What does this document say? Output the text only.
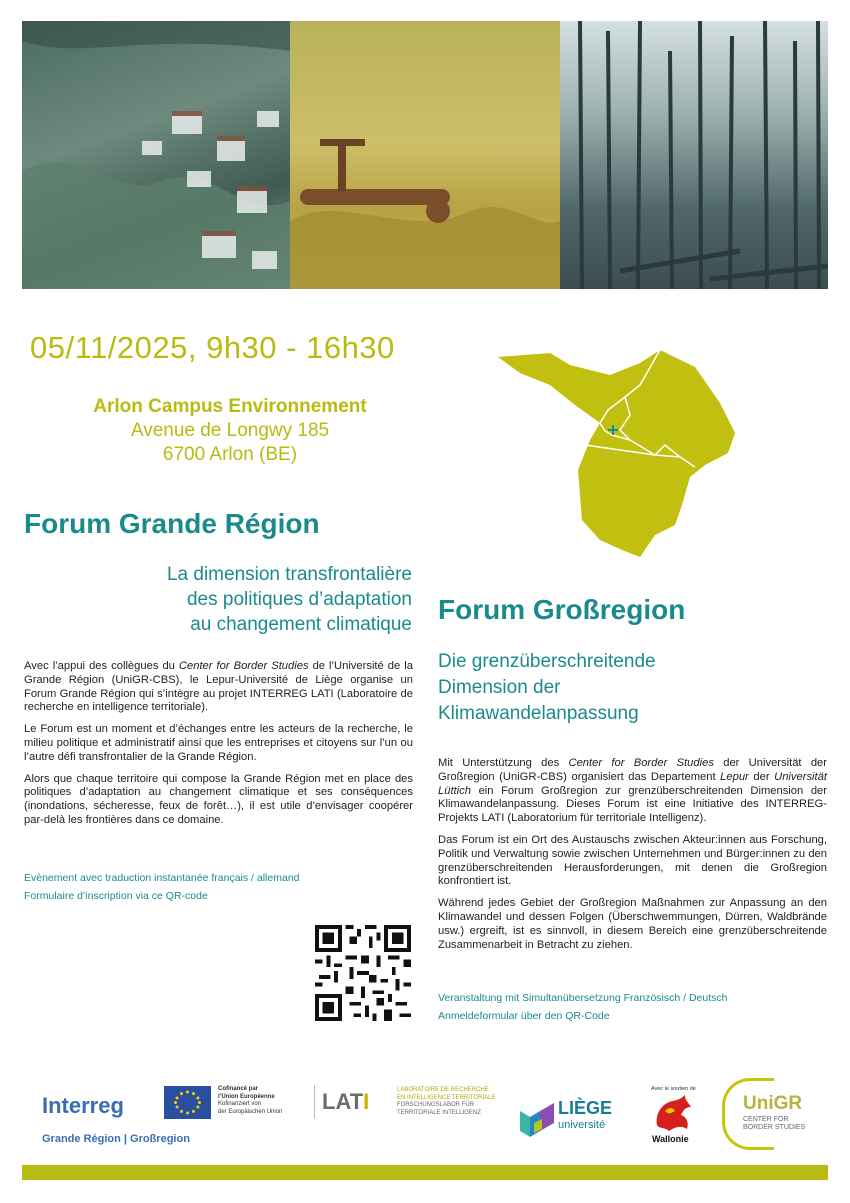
05/11/2025, 9h30 - 16h30
Arlon Campus Environnement
Avenue de Longwy 185
6700 Arlon (BE)
Forum Grande Région
La dimension transfrontalière
des politiques d’adaptation
au changement climatique

Avec l’appui des collègues du Center for Border Studies de l’Université de la Grande Région (UniGR-CBS), le Lepur-Université de Liège organise un Forum Grande Région qui s’intègre au projet INTERREG LATI (Laboratoire de recherche en intelligence territoriale).

Le Forum est un moment et d’échanges entre les acteurs de la recherche, le milieu politique et administratif ainsi que les entreprises et citoyens sur l’un ou l’autre défi transfrontalier de la Grande Région.

Alors que chaque territoire qui compose la Grande Région met en place des politiques d’adaptation au changement climatique et ses conséquences (inondations, sécheresse, feux de forêt…), il est utile d’envisager coopérer par-delà les frontières dans ce domaine.

Evènement avec traduction instantanée français / allemand
Formulaire d’inscription via ce QR-code
Forum Großregion
Die grenzüberschreitende
Dimension der
Klimawandelanpassung

Mit Unterstützung des Center for Border Studies der Universität der Großregion (UniGR-CBS) organisiert das Departement Lepur der Universität Lüttich ein Forum Großregion zur grenzüberschreitenden Dimension der Klimawandelanpassung. Dieses Forum ist eine Initiative des INTERREG-Projekts LATI (Laboratorium für territoriale Intelligenz).

Das Forum ist ein Ort des Austauschs zwischen Akteur:innen aus Forschung, Politik und Verwaltung sowie zwischen Unternehmen und Bürger:innen zu den grenzüberschreitenden Herausforderungen, mit denen die Großregion konfrontiert ist.

Während jedes Gebiet der Großregion Maßnahmen zur Anpassung an den Klimawandel und dessen Folgen (Überschwemmungen, Dürren, Waldbrände usw.) ergreift, ist es sinnvoll, in diesem Bereich eine grenzüberschreitende Zusammenarbeit in Betracht zu ziehen.

Veranstaltung mit Simultanübersetzung Französisch / Deutsch
Anmeldeformular über den QR-Code
Interreg
Grande Région | Großregion
Cofinancé par
l’Union Européenne
Kofinanziert von
der Europäischen Union	LATI	LABORATOIRE DE RECHERCHE
EN INTELLIGENCE TERRITORIALE
FORSCHUNGSLABOR FÜR
TERRITORIALE INTELLIGENZ	LIÈGE
université
Avec le soutien de
Wallonie
UniGR
CENTER FOR
BORDER STUDIES
